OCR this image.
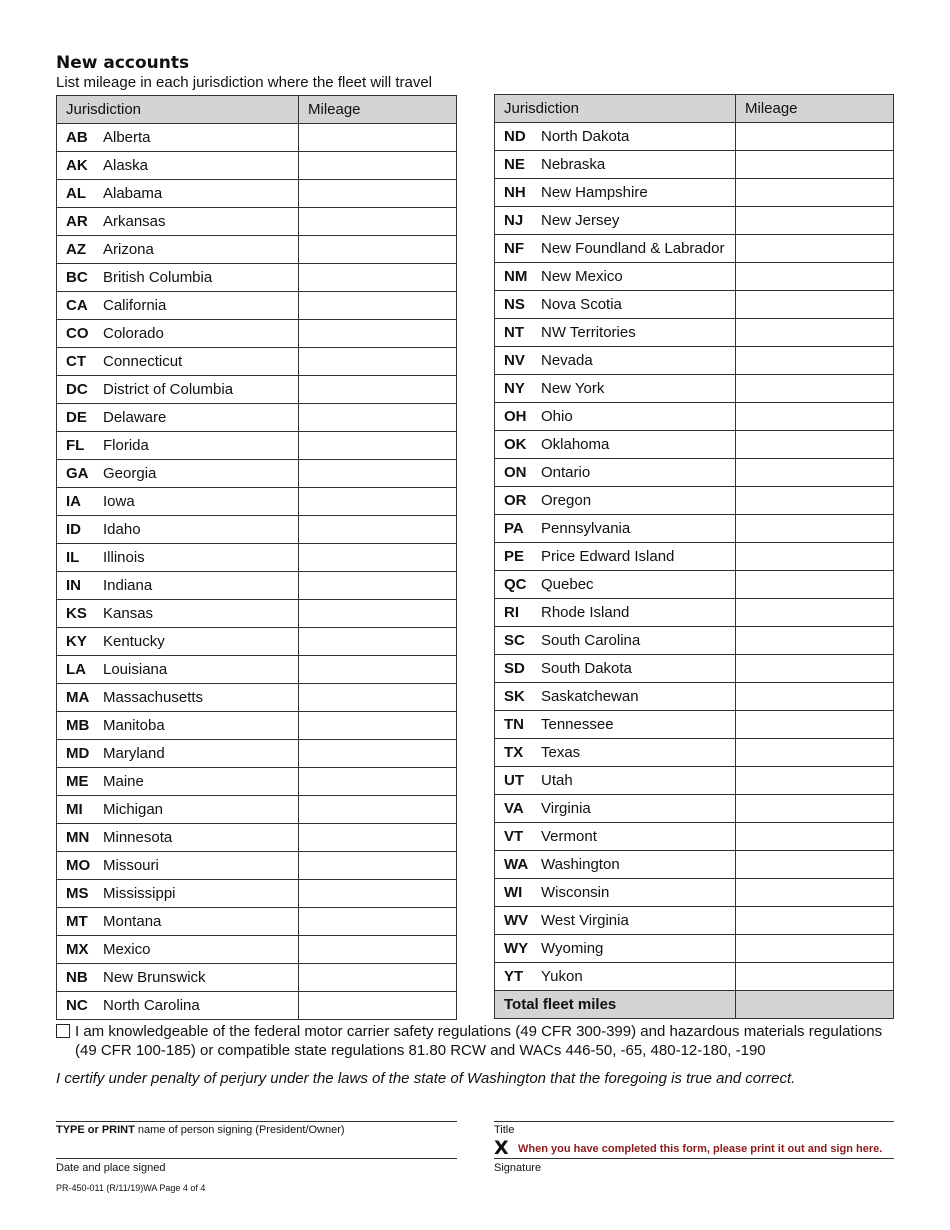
New accounts
List mileage in each jurisdiction where the fleet will travel
Jurisdiction	Mileage
AB Alberta	
AK Alaska	
AL Alabama	
AR Arkansas	
AZ Arizona	
BC British Columbia	
CA California	
CO Colorado	
CT Connecticut	
DC District of Columbia	
DE Delaware	
FL Florida	
GA Georgia	
IA Iowa	
ID Idaho	
IL Illinois	
IN Indiana	
KS Kansas	
KY Kentucky	
LA Louisiana	
MA Massachusetts	
MB Manitoba	
MD Maryland	
ME Maine	
MI Michigan	
MN Minnesota	
MO Missouri	
MS Mississippi	
MT Montana	
MX Mexico	
NB New Brunswick	
NC North Carolina	
Jurisdiction	Mileage
ND North Dakota	
NE Nebraska	
NH New Hampshire	
NJ New Jersey	
NF New Foundland & Labrador	
NM New Mexico	
NS Nova Scotia	
NT NW Territories	
NV Nevada	
NY New York	
OH Ohio	
OK Oklahoma	
ON Ontario	
OR Oregon	
PA Pennsylvania	
PE Price Edward Island	
QC Quebec	
RI Rhode Island	
SC South Carolina	
SD South Dakota	
SK Saskatchewan	
TN Tennessee	
TX Texas	
UT Utah	
VA Virginia	
VT Vermont	
WA Washington	
WI Wisconsin	
WV West Virginia	
WY Wyoming	
YT Yukon	
Total fleet miles	
I am knowledgeable of the federal motor carrier safety regulations (49 CFR 300-399) and hazardous materials regulations (49 CFR 100-185) or compatible state regulations 81.80 RCW and WACs 446-50, -65, 480-12-180, -190
I certify under penalty of perjury under the laws of the state of Washington that the foregoing is true and correct.
TYPE or PRINT name of person signing (President/Owner)	Title
X When you have completed this form, please print it out and sign here.
Date and place signed	Signature
PR-450-011 (R/11/19)WA Page 4 of 4
